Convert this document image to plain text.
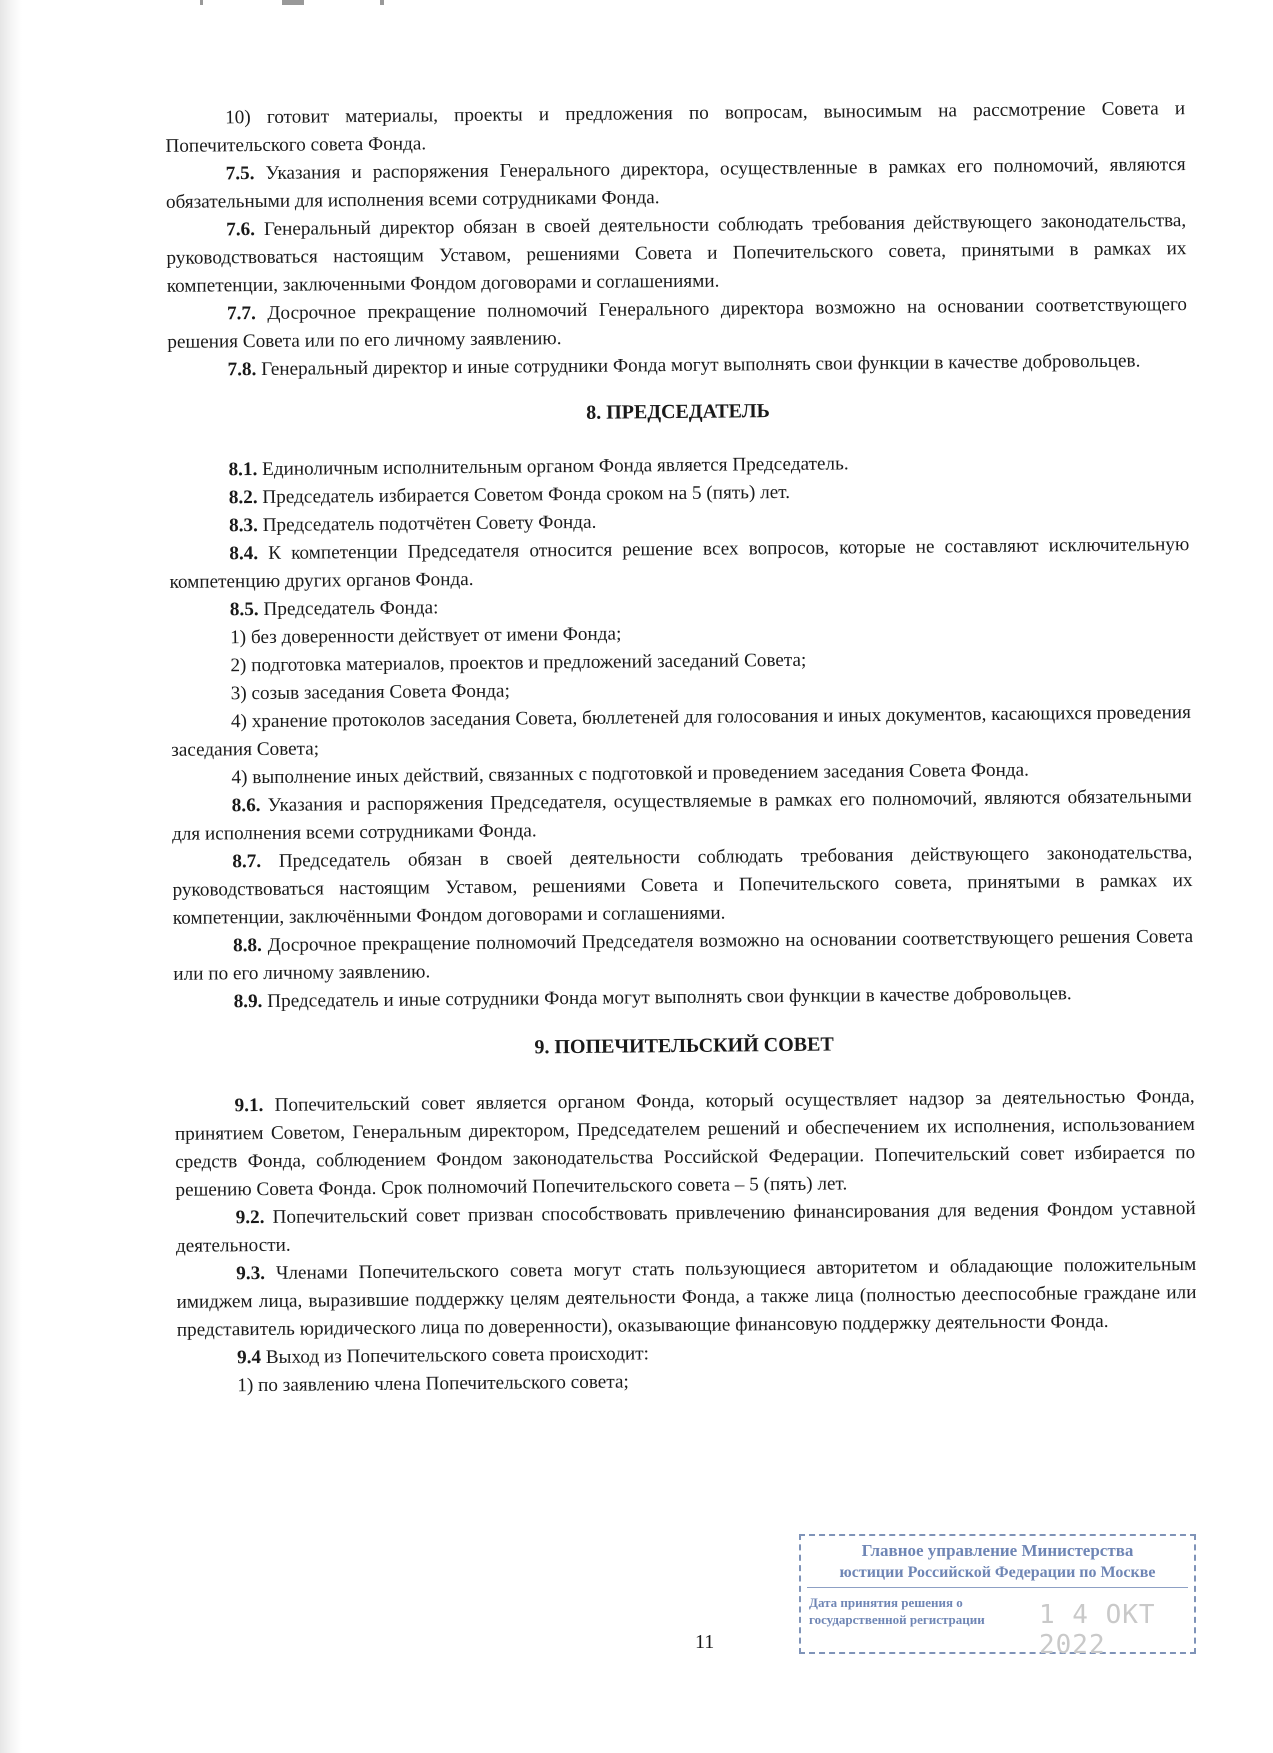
10) готовит материалы, проекты и предложения по вопросам, выносимым на рассмотрение Совета и Попечительского совета Фонда.

7.5. Указания и распоряжения Генерального директора, осуществленные в рамках его полномочий, являются обязательными для исполнения всеми сотрудниками Фонда.

7.6. Генеральный директор обязан в своей деятельности соблюдать требования действующего законодательства, руководствоваться настоящим Уставом, решениями Совета и Попечительского совета, принятыми в рамках их компетенции, заключенными Фондом договорами и соглашениями.

7.7. Досрочное прекращение полномочий Генерального директора возможно на основании соответствующего решения Совета или по его личному заявлению.

7.8. Генеральный директор и иные сотрудники Фонда могут выполнять свои функции в качестве добровольцев.

8. ПРЕДСЕДАТЕЛЬ

8.1. Единоличным исполнительным органом Фонда является Председатель.

8.2. Председатель избирается Советом Фонда сроком на 5 (пять) лет.

8.3. Председатель подотчётен Совету Фонда.

8.4. К компетенции Председателя относится решение всех вопросов, которые не составляют исключительную компетенцию других органов Фонда.

8.5. Председатель Фонда:

1) без доверенности действует от имени Фонда;

2) подготовка материалов, проектов и предложений заседаний Совета;

3) созыв заседания Совета Фонда;

4) хранение протоколов заседания Совета, бюллетеней для голосования и иных документов, касающихся проведения заседания Совета;

4) выполнение иных действий, связанных с подготовкой и проведением заседания Совета Фонда.

8.6. Указания и распоряжения Председателя, осуществляемые в рамках его полномочий, являются обязательными для исполнения всеми сотрудниками Фонда.

8.7. Председатель обязан в своей деятельности соблюдать требования действующего законодательства, руководствоваться настоящим Уставом, решениями Совета и Попечительского совета, принятыми в рамках их компетенции, заключёнными Фондом договорами и соглашениями.

8.8. Досрочное прекращение полномочий Председателя возможно на основании соответствующего решения Совета или по его личному заявлению.

8.9. Председатель и иные сотрудники Фонда могут выполнять свои функции в качестве добровольцев.

9. ПОПЕЧИТЕЛЬСКИЙ СОВЕТ

9.1. Попечительский совет является органом Фонда, который осуществляет надзор за деятельностью Фонда, принятием Советом, Генеральным директором, Председателем решений и обеспечением их исполнения, использованием средств Фонда, соблюдением Фондом законодательства Российской Федерации. Попечительский совет избирается по решению Совета Фонда. Срок полномочий Попечительского совета – 5 (пять) лет.

9.2. Попечительский совет призван способствовать привлечению финансирования для ведения Фондом уставной деятельности.

9.3. Членами Попечительского совета могут стать пользующиеся авторитетом и обладающие положительным имиджем лица, выразившие поддержку целям деятельности Фонда, а также лица (полностью дееспособные граждане или представитель юридического лица по доверенности), оказывающие финансовую поддержку деятельности Фонда.

9.4 Выход из Попечительского совета происходит:

1) по заявлению члена Попечительского совета;

11
Главное управление Министерства
юстиции Российской Федерации по Москве
Дата принятия решения о государственной регистрации 1 4 ОКТ 2022
